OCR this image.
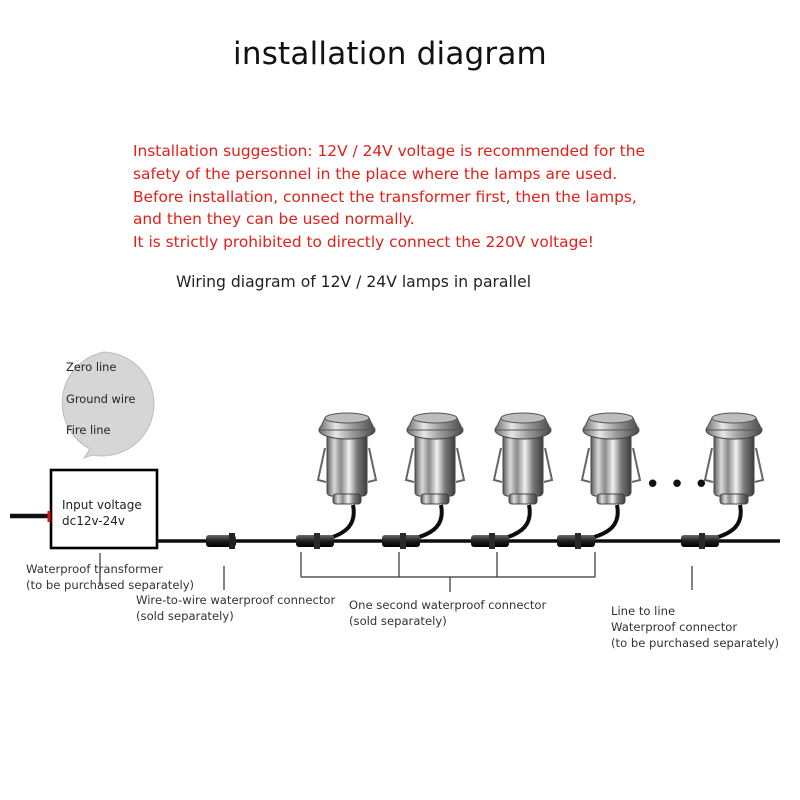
installation diagram
Installation suggestion: 12V / 24V voltage is recommended for the
safety of the personnel in the place where the lamps are used.
Before installation, connect the transformer first, then the lamps,
and then they can be used normally.
It is strictly prohibited to directly connect the 220V voltage!
Wiring diagram of 12V / 24V lamps in parallel
Zero line
Ground wire
Fire line
Input voltage
dc12v-24v
•••
Waterproof transformer
(to be purchased separately)
Wire-to-wire waterproof connector
(sold separately)
One second waterproof connector
(sold separately)
Line to line
Waterproof connector
(to be purchased separately)
